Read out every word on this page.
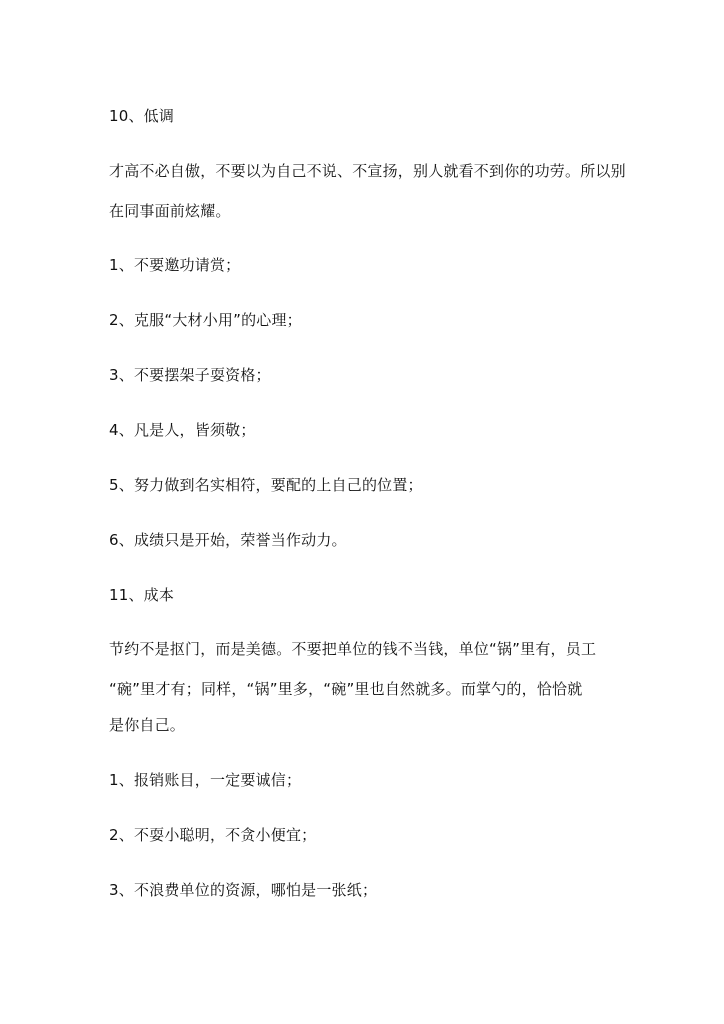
10、低调
才高不必自傲，不要以为自己不说、不宣扬，别人就看不到你的功劳。所以别
在同事面前炫耀。
1、不要邀功请赏；
2、克服“大材小用”的心理；
3、不要摆架子耍资格；
4、凡是人，皆须敬；
5、努力做到名实相符，要配的上自己的位置；
6、成绩只是开始，荣誉当作动力。
11、成本
节约不是抠门，而是美德。不要把单位的钱不当钱，单位“锅”里有，员工
“碗”里才有；同样，“锅”里多，“碗”里也自然就多。而掌勺的，恰恰就
是你自己。
1、报销账目，一定要诚信；
2、不耍小聪明，不贪小便宜；
3、不浪费单位的资源，哪怕是一张纸；
